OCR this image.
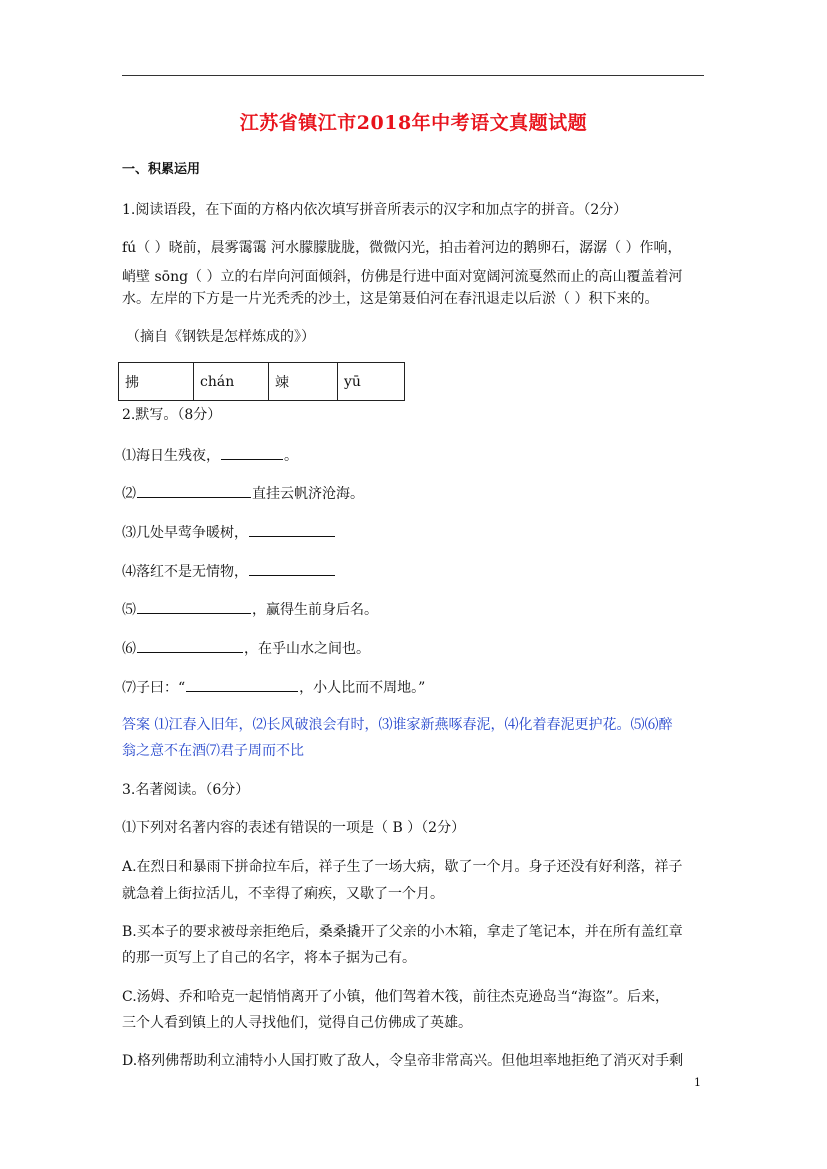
江苏省镇江市2018年中考语文真题试题
一、积累运用
1.阅读语段，在下面的方格内依次填写拼音所表示的汉字和加点字的拼音。（2分）
fú（ ）晓前，晨雾霭霭 河水朦朦胧胧，微微闪光，拍击着河边的鹅卵石，潺潺（ ）作响，
峭壁 sōng（ ）立的右岸向河面倾斜，仿佛是行进中面对宽阔河流戛然而止的高山覆盖着河
水。左岸的下方是一片光秃秃的沙土，这是第聂伯河在春汛退走以后淤（ ）积下来的。
（摘自《钢铁是怎样炼成的》）
拂	chán	竦	yū
2.默写。（8分）
⑴海日生残夜，	。
⑵	直挂云帆济沧海。
⑶几处早莺争暖树，
⑷落红不是无情物，
⑸	，赢得生前身后名。
⑹	，在乎山水之间也。
⑺子曰：“	，小人比而不周地。”
答案 ⑴江春入旧年，⑵长风破浪会有时，⑶谁家新燕啄春泥，⑷化着春泥更护花。⑸⑹醉
翁之意不在酒⑺君子周而不比
3.名著阅读。（6分）
⑴下列对名著内容的表述有错误的一项是（ B ）（2分）
A.在烈日和暴雨下拼命拉车后，祥子生了一场大病，歇了一个月。身子还没有好利落，祥子
就急着上街拉活儿，不幸得了痢疾，又歇了一个月。
B.买本子的要求被母亲拒绝后，桑桑撬开了父亲的小木箱，拿走了笔记本，并在所有盖红章
的那一页写上了自己的名字，将本子据为己有。
C.汤姆、乔和哈克一起悄悄离开了小镇，他们驾着木筏，前往杰克逊岛当“海盗”。后来，
三个人看到镇上的人寻找他们，觉得自己仿佛成了英雄。
D.格列佛帮助利立浦特小人国打败了敌人，令皇帝非常高兴。但他坦率地拒绝了消灭对手剩
1
